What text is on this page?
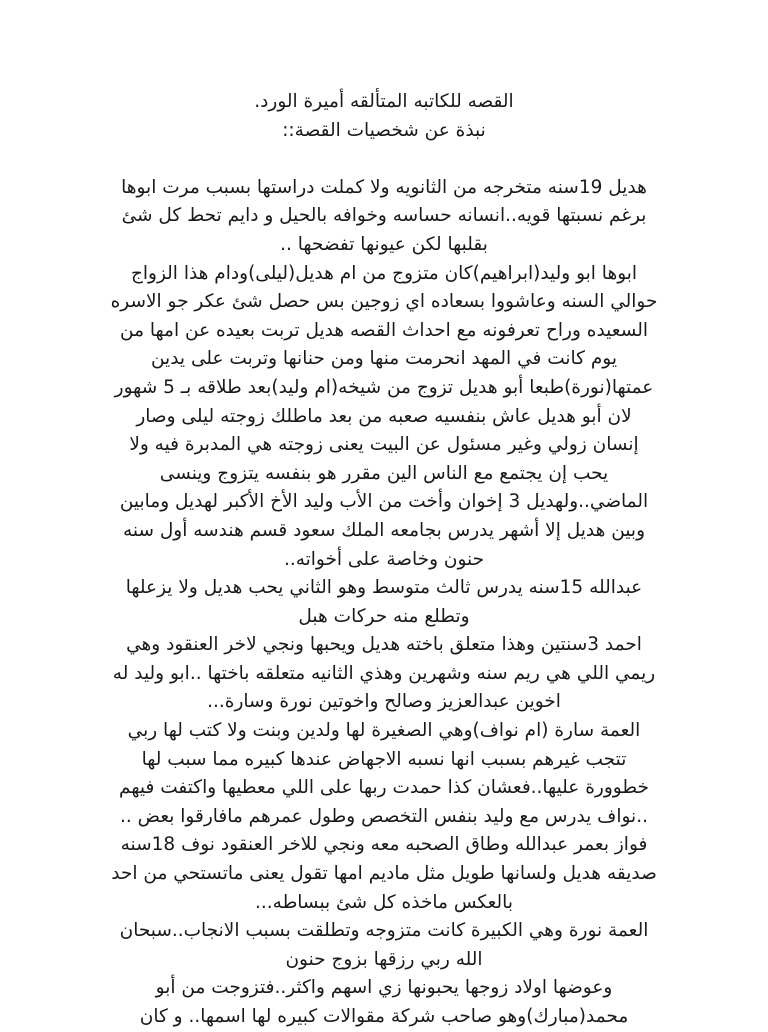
القصه للكاتبه المتألقه أميرة الورد.
نبذة عن شخصيات القصة::
هديل 19سنه متخرجه من الثانويه ولا كملت دراستها بسبب مرت ابوها
برغم نسبتها قويه..انسانه حساسه وخوافه بالحيل و دايم تحط كل شئ
بقلبها لكن عيونها تفضحها ..
ابوها ابو وليد(ابراهيم)كان متزوج من ام هديل(ليلى)ودام هذا الزواج
حوالي السنه وعاشووا بسعاده اي زوجين بس حصل شئ عكر جو الاسره
السعيده وراح تعرفونه مع احداث القصه هديل تربت بعيده عن امها من
يوم كانت في المهد انحرمت منها ومن حنانها وتربت على يدين
عمتها(نورة)طبعا أبو هديل تزوج من شيخه(ام وليد)بعد طلاقه بـ 5 شهور
لان أبو هديل عاش بنفسيه صعبه من بعد ماطلك زوجته ليلى وصار
إنسان زولي وغير مسئول عن البيت يعنى زوجته هي المدبرة فيه ولا
يحب إن يجتمع مع الناس الين مقرر هو بنفسه يتزوج وينسى
الماضي..ولهديل 3 إخوان وأخت من الأب وليد الأخ الأكبر لهديل ومابين
وبين هديل إلا أشهر يدرس بجامعه الملك سعود قسم هندسه أول سنه
حنون وخاصة على أخواته..
عبدالله 15سنه يدرس ثالث متوسط وهو الثاني يحب هديل ولا يزعلها
وتطلع منه حركات هبل
احمد 3سنتين وهذا متعلق باخته هديل ويحبها ونجي لاخر العنقود وهي
ريمي اللي هي ريم سنه وشهرين وهذي الثانيه متعلقه باختها ..ابو وليد له
اخوين عبدالعزيز وصالح واخوتين نورة وسارة...
العمة سارة (ام نواف)وهي الصغيرة لها ولدين وبنت ولا كتب لها ربي
تتجب غيرهم بسبب انها نسبه الاجهاض عندها كبيره مما سبب لها
خطوورة عليها..فعشان كذا حمدت ربها على اللي معطيها واكتفت فيهم
..نواف يدرس مع وليد بنفس التخصص وطول عمرهم مافارقوا بعض ..
فواز بعمر عبدالله وطاق الصحبه معه ونجي للاخر العنقود نوف 18سنه
صديقه هديل ولسانها طويل مثل ماديم امها تقول يعنى ماتستحي من احد
بالعكس ماخذه كل شئ ببساطه...
العمة نورة وهي الكبيرة كانت متزوجه وتطلقت بسبب الانجاب..سبحان
الله ربي رزقها بزوج حنون
وعوضها اولاد زوجها يحبونها زي اسهم واكثر..فتزوجت من أبو
محمد(مبارك)وهو صاحب شركة مقوالات كبيره لها اسمها.. و كان
